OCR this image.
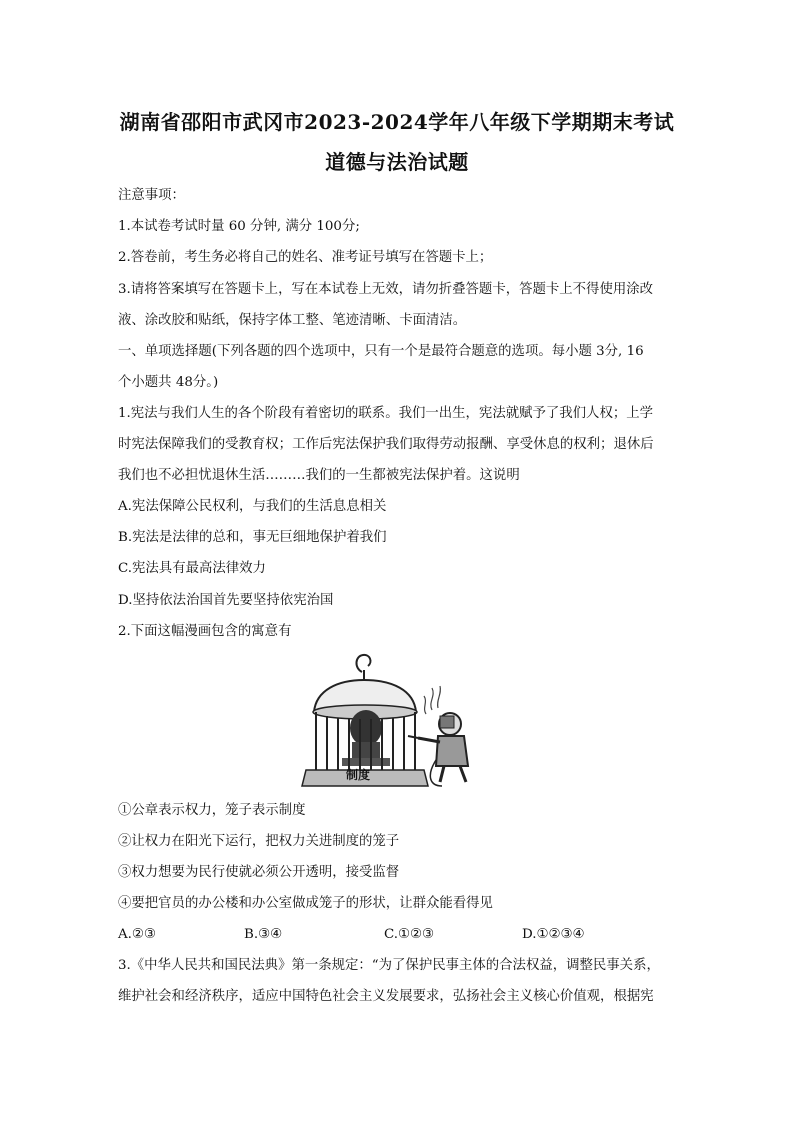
湖南省邵阳市武冈市2023-2024学年八年级下学期期末考试
道德与法治试题
注意事项：
1.本试卷考试时量 60 分钟, 满分 100分;
2.答卷前，考生务必将自己的姓名、准考证号填写在答题卡上；
3.请将答案填写在答题卡上，写在本试卷上无效，请勿折叠答题卡，答题卡上不得使用涂改
液、涂改胶和贴纸，保持字体工整、笔迹清晰、卡面清洁。
一、单项选择题(下列各题的四个选项中，只有一个是最符合题意的选项。每小题 3分, 16
个小题共 48分。)
1.宪法与我们人生的各个阶段有着密切的联系。我们一出生，宪法就赋予了我们人权；上学
时宪法保障我们的受教育权；工作后宪法保护我们取得劳动报酬、享受休息的权利；退休后
我们也不必担忧退休生活………我们的一生都被宪法保护着。这说明
A.宪法保障公民权利，与我们的生活息息相关
B.宪法是法律的总和，事无巨细地保护着我们
C.宪法具有最高法律效力
D.坚持依法治国首先要坚持依宪治国
2.下面这幅漫画包含的寓意有
制度
①公章表示权力，笼子表示制度
②让权力在阳光下运行，把权力关进制度的笼子
③权力想要为民行使就必须公开透明，接受监督
④要把官员的办公楼和办公室做成笼子的形状，让群众能看得见
A.②③	B.③④	C.①②③	D.①②③④
3.《中华人民共和国民法典》第一条规定：“为了保护民事主体的合法权益，调整民事关系，
维护社会和经济秩序，适应中国特色社会主义发展要求，弘扬社会主义核心价值观，根据宪
